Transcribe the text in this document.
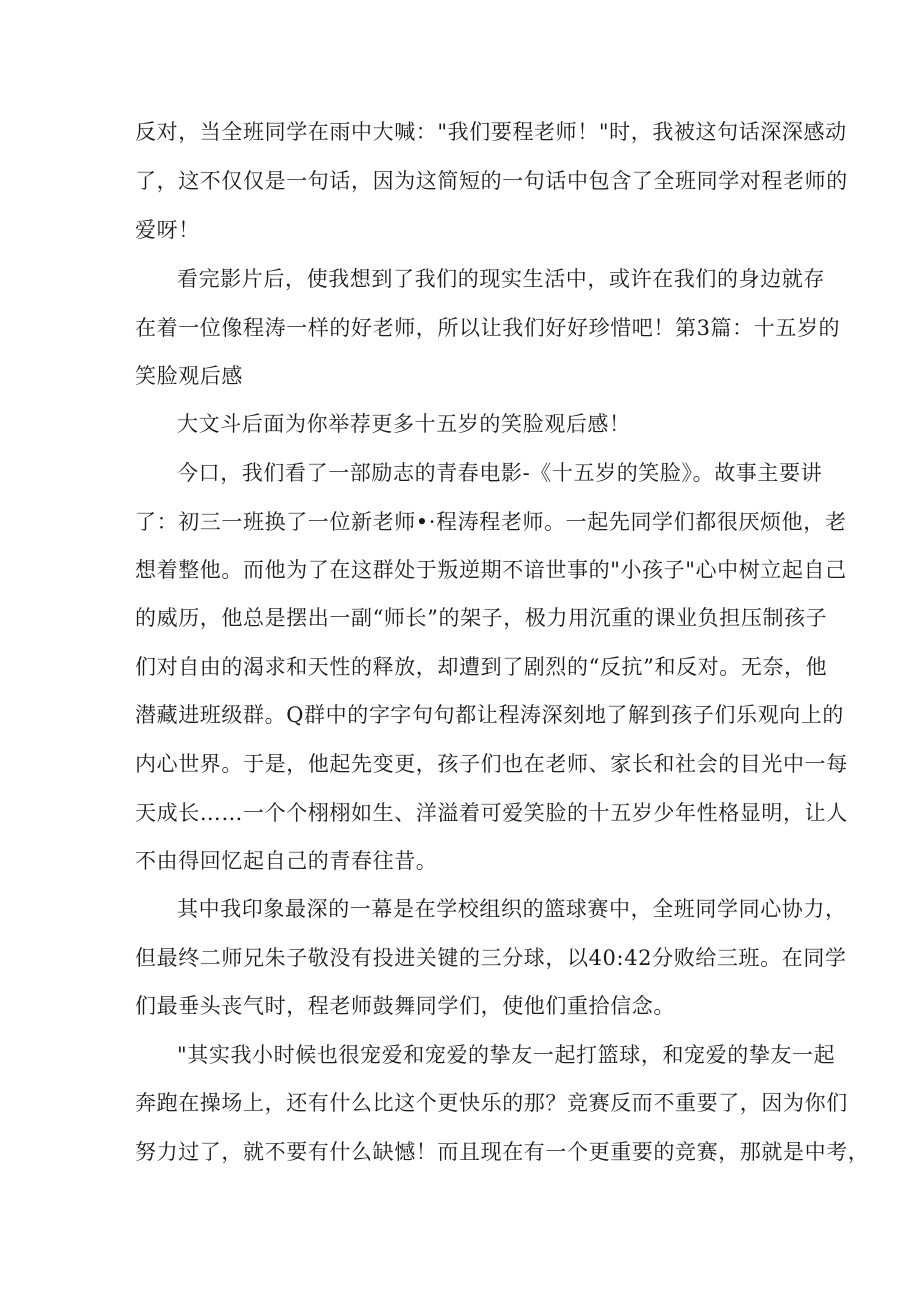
反对，当全班同学在雨中大喊："我们要程老师！"时，我被这句话深深感动
了，这不仅仅是一句话，因为这简短的一句话中包含了全班同学对程老师的
爱呀！
看完影片后，使我想到了我们的现实生活中，或许在我们的身边就存
在着一位像程涛一样的好老师，所以让我们好好珍惜吧！第3篇：十五岁的
笑脸观后感
大文斗后面为你举荐更多十五岁的笑脸观后感！
今口，我们看了一部励志的青春电影-《十五岁的笑脸》。故事主要讲
了：初三一班换了一位新老师•·程涛程老师。一起先同学们都很厌烦他，老
想着整他。而他为了在这群处于叛逆期不谙世事的"小孩子"心中树立起自己
的威历，他总是摆出一副“师长”的架子，极力用沉重的课业负担压制孩子
们对自由的渴求和天性的释放，却遭到了剧烈的“反抗”和反对。无奈，他
潜藏进班级群。Q群中的字字句句都让程涛深刻地了解到孩子们乐观向上的
内心世界。于是，他起先变更，孩子们也在老师、家长和社会的目光中一每
天成长……一个个栩栩如生、洋溢着可爱笑脸的十五岁少年性格显明，让人
不由得回忆起自己的青春往昔。
其中我印象最深的一幕是在学校组织的篮球赛中，全班同学同心协力，
但最终二师兄朱子敬没有投进关键的三分球，以40:42分败给三班。在同学
们最垂头丧气时，程老师鼓舞同学们，使他们重拾信念。
"其实我小时候也很宠爱和宠爱的挚友一起打篮球，和宠爱的挚友一起
奔跑在操场上，还有什么比这个更快乐的那？竞赛反而不重要了，因为你们
努力过了，就不要有什么缺憾！而且现在有一个更重要的竞赛，那就是中考，
